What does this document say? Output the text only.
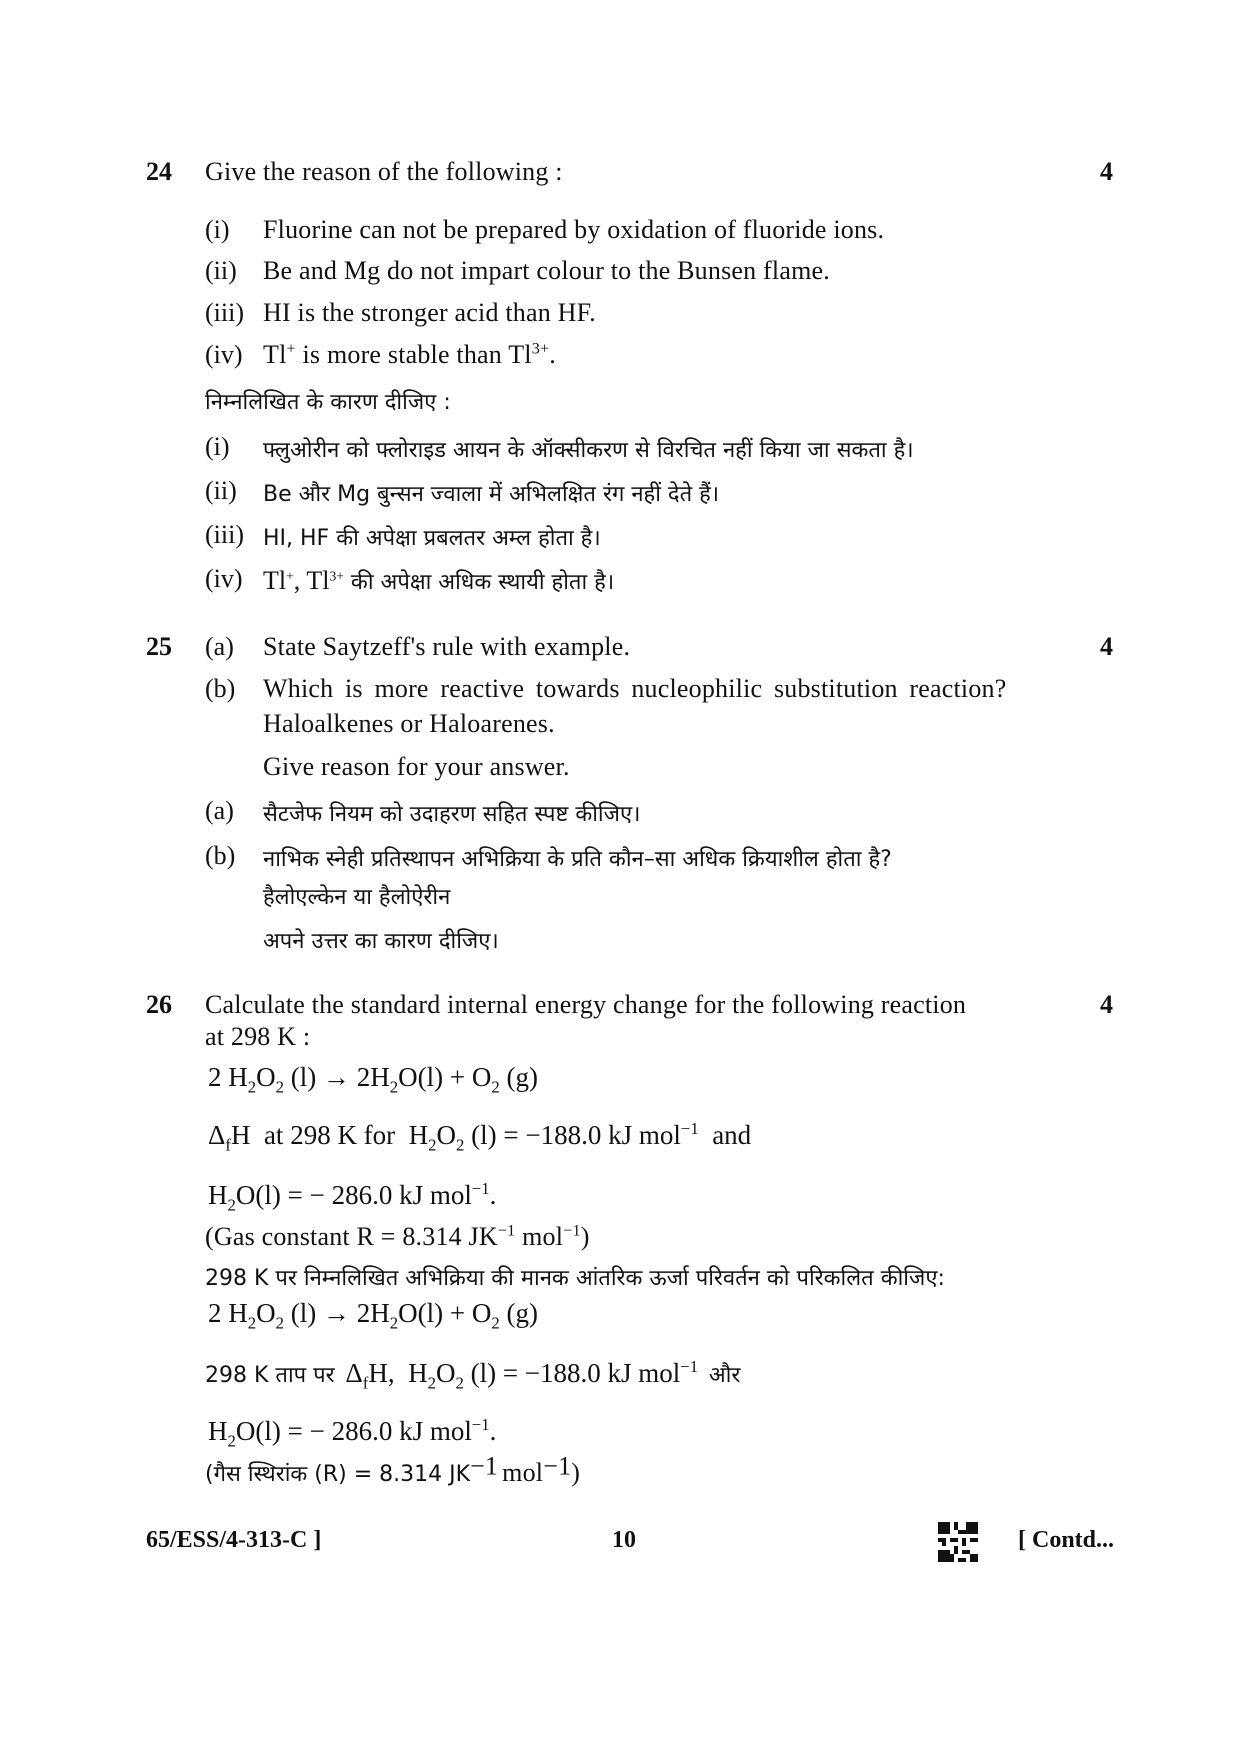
24 Give the reason of the following :	4
(i) Fluorine can not be prepared by oxidation of fluoride ions.
(ii) Be and Mg do not impart colour to the Bunsen flame.
(iii) HI is the stronger acid than HF.
(iv) Tl+ is more stable than $Tl^{3+}$.
निम्नलिखित के कारण दीजिए :
(i) फ्लुओरीन को फ्लोराइड आयन के ऑक्सीकरण से विरचित नहीं किया जा सकता है।
(ii) Be और Mg बुन्सन ज्वाला में अभिलक्षित रंग नहीं देते हैं।
(iii) HI, HF की अपेक्षा प्रबलतर अम्ल होता है।
(iv) Tl+, $Tl^{3+}$ की अपेक्षा अधिक स्थायी होता है।
25 (a) State Saytzeff's rule with example.	4
(b) Which is more reactive towards nucleophilic substitution reaction?
Haloalkenes or Haloarenes.
Give reason for your answer.
(a) सैटजेफ नियम को उदाहरण सहित स्पष्ट कीजिए।
(b) नाभिक स्नेही प्रतिस्थापन अभिक्रिया के प्रति कौन–सा अधिक क्रियाशील होता है?
हैलोएल्केन या हैलोऐरीन
अपने उत्तर का कारण दीजिए।
26 Calculate the standard internal energy change for the following reaction	4
at 298 K :
2 $H_2O_2$ $(l) \to 2H_2O(l) + O_2$ (g)
$\Delta_fH$  at 298 K for  $H_2O_2$ (l) = −188.0 kJ mol$^{-1}$ and
$H_2O(l)$ = − 286.0 kJ mol$^{-1}$.
(Gas constant R = 8.314 $JK^{-1}$ mol$^{-1}$)
298 K पर निम्नलिखित अभिक्रिया की मानक आंतरिक ऊर्जा परिवर्तन को परिकलित कीजिए:
2 $H_2O_2$ $(l) \to 2H_2O(l) + O_2$ (g)
298 K ताप पर  $\Delta_fH$,  $H_2O_2$ (l) = −188.0 kJ mol$^{-1}$ और
$H_2O(l)$ = − 286.0 kJ mol$^{-1}$.
(गैस स्थिरांक (R) = 8.314 $JK^{-1}$ mol$^{-1}$)
65/ESS/4-313-C ]	10	[ Contd...
